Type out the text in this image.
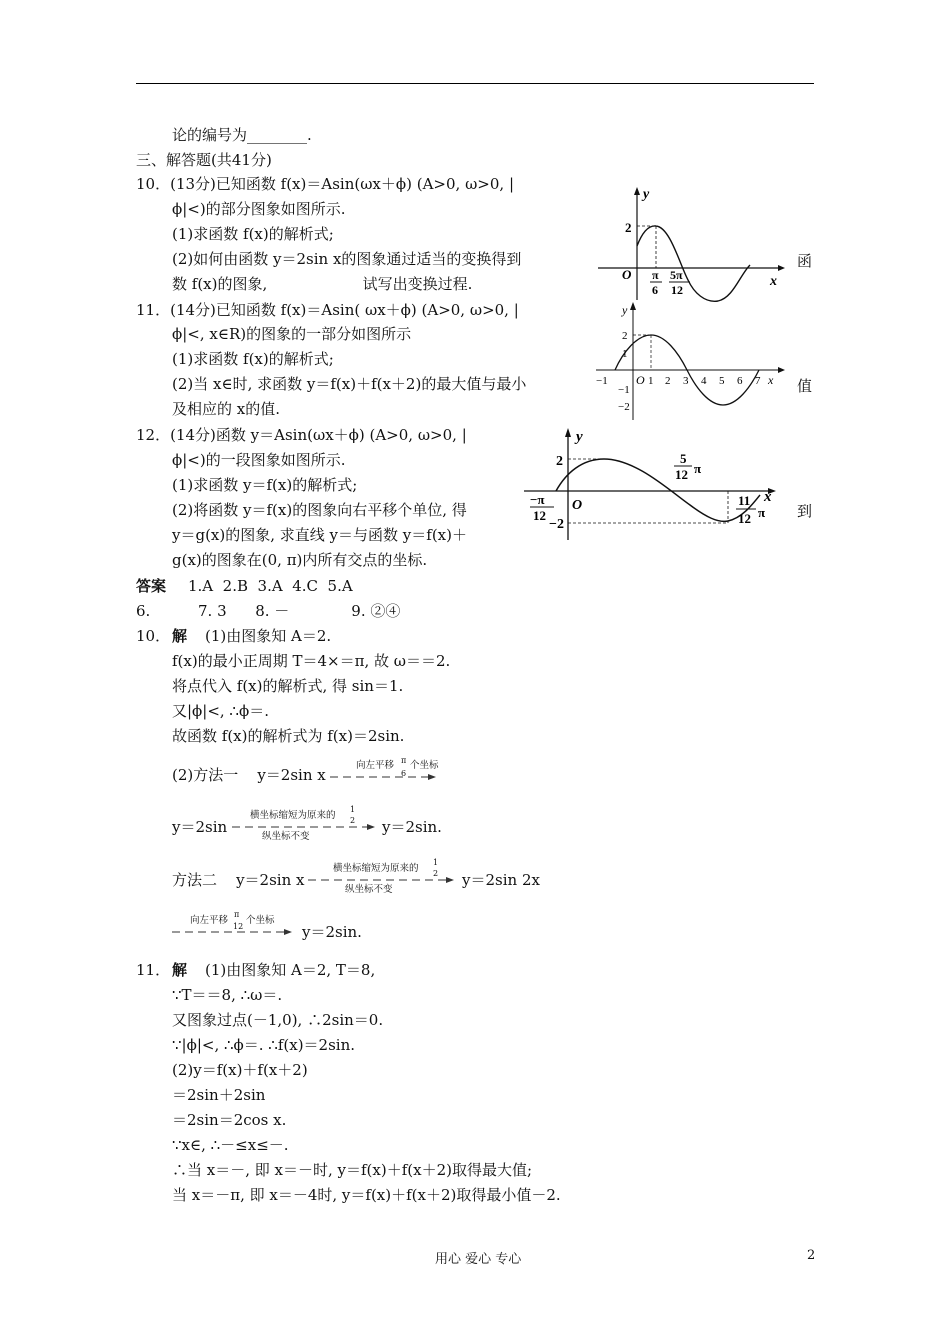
论的编号为________.
三、解答题(共41分)
10．(13分)已知函数 f(x)＝Asin(ωx＋ϕ) (A>0, ω>0, |
ϕ|<)的部分图象如图所示.
(1)求函数 f(x)的解析式;
(2)如何由函数 y＝2sin x的图象通过适当的变换得到
数 f(x)的图象,                    试写出变换过程.
11．(14分)已知函数 f(x)＝Asin( ωx＋ϕ) (A>0, ω>0, |
ϕ|<, x∈R)的图象的一部分如图所示
(1)求函数 f(x)的解析式;
(2)当 x∈时, 求函数 y＝f(x)＋f(x＋2)的最大值与最小
及相应的 x的值.
12．(14分)函数 y＝Asin(ωx＋ϕ) (A>0, ω>0, |
ϕ|<)的一段图象如图所示.
(1)求函数 y＝f(x)的解析式;
(2)将函数 y＝f(x)的图象向右平移个单位, 得
y＝g(x)的图象, 求直线 y＝与函数 y＝f(x)＋
g(x)的图象在(0, π)内所有交点的坐标.
答案 1.A  2.B  3.A  4.C  5.A
6.          7. 3      8. －             9. ②④
10． 解 (1)由图象知 A＝2.
f(x)的最小正周期 T＝4×＝π, 故 ω＝＝2.
将点代入 f(x)的解析式, 得 sin＝1.
又|ϕ|<, ∴ϕ＝.
故函数 f(x)的解析式为 f(x)＝2sin.
(2)方法一    y＝2sin x
向左平移 π
6
个坐标
y＝2sin
横坐标缩短为原来的
1
2
纵坐标不变
y＝2sin.
方法二    y＝2sin x
横坐标缩短为原来的
1
2
纵坐标不变
y＝2sin 2x
向左平移
π
12
个坐标
y＝2sin.
11． 解 (1)由图象知 A＝2, T＝8,
∵T＝＝8, ∴ω＝.
又图象过点(－1,0), ∴2sin＝0.
∵|ϕ|<, ∴ϕ＝. ∴f(x)＝2sin.
(2)y＝f(x)＋f(x＋2)
＝2sin＋2sin
＝2sin＝2cos x.
∵x∈, ∴－≤x≤－.
∴当 x＝－, 即 x＝－时, y＝f(x)＋f(x＋2)取得最大值;
当 x＝－π, 即 x＝－4时, y＝f(x)＋f(x＋2)取得最小值－2.
函
值
到
y
x
O
2
π
6
5π
12
y
x
O
−1	1 2 3 4 5 6 7
2
1
−1
−2
y
x
O
2
−2
−π
12
5
12 π
11
12 π
用心 爱心 专心	2
